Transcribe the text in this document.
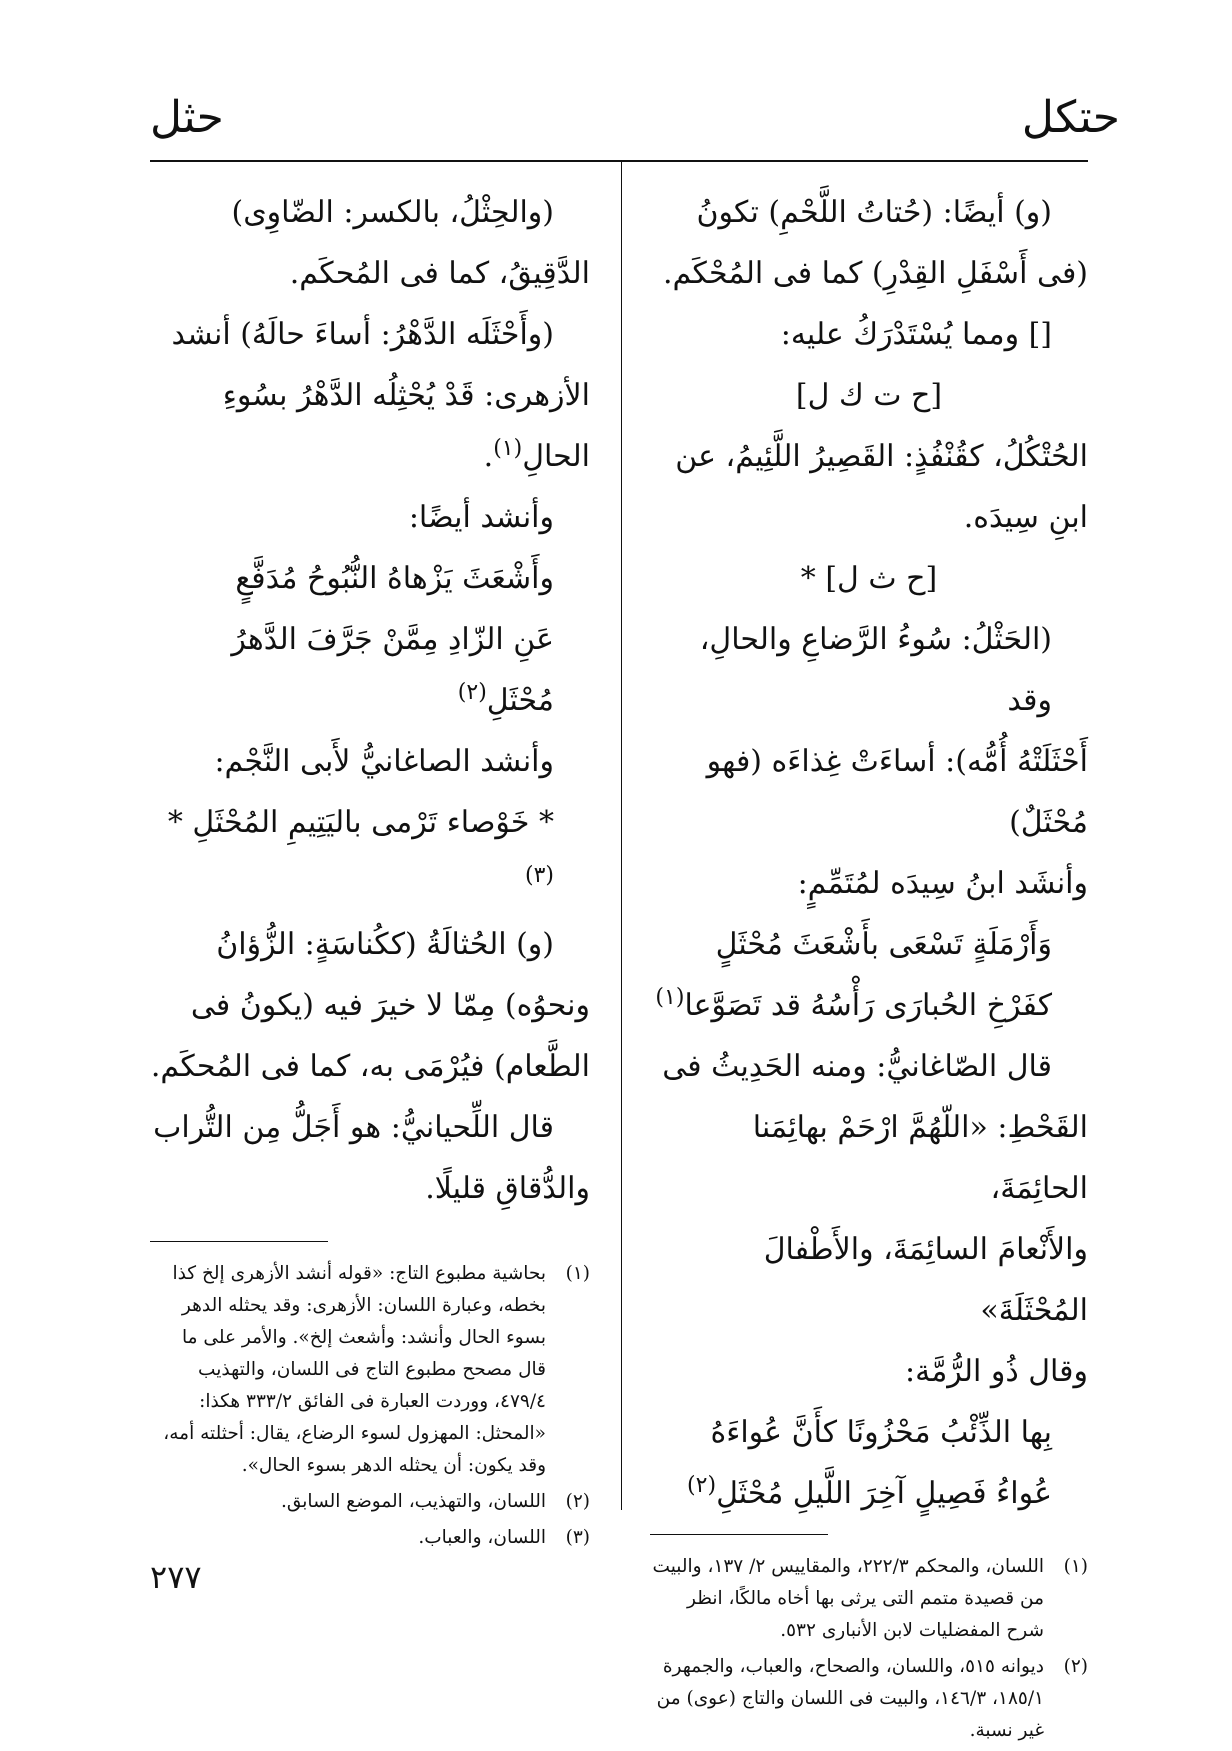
حتكل
حثل

(و) أيضًا: (حُتاتُ اللَّحْمِ) تكونُ

(فى أَسْفَلِ القِدْرِ) كما فى المُحْكَم.

[] ومما يُسْتَدْرَكُ عليه:

[ح ت ك ل]

الحُتْكُلُ، كقُنْفُذٍ: القَصِيرُ اللَّئِيمُ، عن

ابنِ سِيدَه.

[ح ث ل] *

(الحَثْلُ: سُوءُ الرَّضاعِ والحالِ، وقد

أَحْثَلَتْهُ أُمُّه): أساءَتْ غِذاءَه (فهو مُحْثَلٌ)

وأنشَد ابنُ سِيدَه لمُتَمِّمٍ:

وَأَرْمَلَةٍ تَسْعَى بأَشْعَثَ مُحْثَلٍ

كفَرْخِ الحُبارَى رَأْسُهُ قد تَصَوَّعا$^{(١)}$

قال الصّاغانيُّ: ومنه الحَدِيثُ فى

القَحْطِ: «اللّهُمَّ ارْحَمْ بهائِمَنا الحائِمَةَ،

والأَنْعامَ السائِمَةَ، والأَطْفالَ المُحْثَلَةَ»

وقال ذُو الرُّمَّة:

بِها الذِّئْبُ مَحْزُونًا كأَنَّ عُواءَهُ

عُواءُ فَصِيلٍ آخِرَ اللَّيلِ مُحْثَلِ$^{(٢)}$

(١)
اللسان، والمحكم ٢٢٢/٣، والمقاييس ٢/ ١٣٧، والبيت من قصيدة متمم التى يرثى بها أخاه مالكًا، انظر شرح المفضليات لابن الأنبارى ٥٣٢.
(٢)
ديوانه ٥١٥، واللسان، والصحاح، والعباب، والجمهرة ١٨٥/١، ١٤٦/٣، والبيت فى اللسان والتاج (عوى) من غير نسبة.

(والحِثْلُ، بالكسر: الضّاوِى)

الدَّقِيقُ، كما فى المُحكَم.

(وأَحْثَلَه الدَّهْرُ: أساءَ حالَهُ) أنشد

الأزهرى: قَدْ يُحْثِلُه الدَّهْرُ بسُوءِ

الحالِ$^{(١)}$.

وأنشد أيضًا:

وأَشْعَثَ يَزْهاهُ النُّبُوحُ مُدَفَّعٍ

عَنِ الزّادِ مِمَّنْ جَرَّفَ الدَّهرُ مُحْثَلِ$^{(٢)}$

وأنشد الصاغانيُّ لأَبى النَّجْم:

* خَوْصاء تَرْمى باليَتِيمِ المُحْثَلِ *$^{(٣)}$

(و) الحُثالَةُ (ككُناسَةٍ: الزُّؤانُ

ونحوُه) مِمّا لا خيرَ فيه (يكونُ فى

الطَّعام) فيُرْمَى به، كما فى المُحكَم.

قال اللِّحيانيُّ: هو أَجَلُّ مِن التُّراب

والدُّقاقِ قليلًا.

(١)
بحاشية مطبوع التاج: «قوله أنشد الأزهرى إلخ كذا بخطه، وعبارة اللسان: الأزهرى: وقد يحثله الدهر بسوء الحال وأنشد: وأشعث إلخ». والأمر على ما قال مصحح مطبوع التاج فى اللسان، والتهذيب ٤٧٩/٤، ووردت العبارة فى الفائق ٣٣٣/٢ هكذا: «المحثل: المهزول لسوء الرضاع، يقال: أحثلته أمه، وقد يكون: أن يحثله الدهر بسوء الحال».
(٢)
اللسان، والتهذيب، الموضع السابق.
(٣)
اللسان، والعباب.
٢٧٧
